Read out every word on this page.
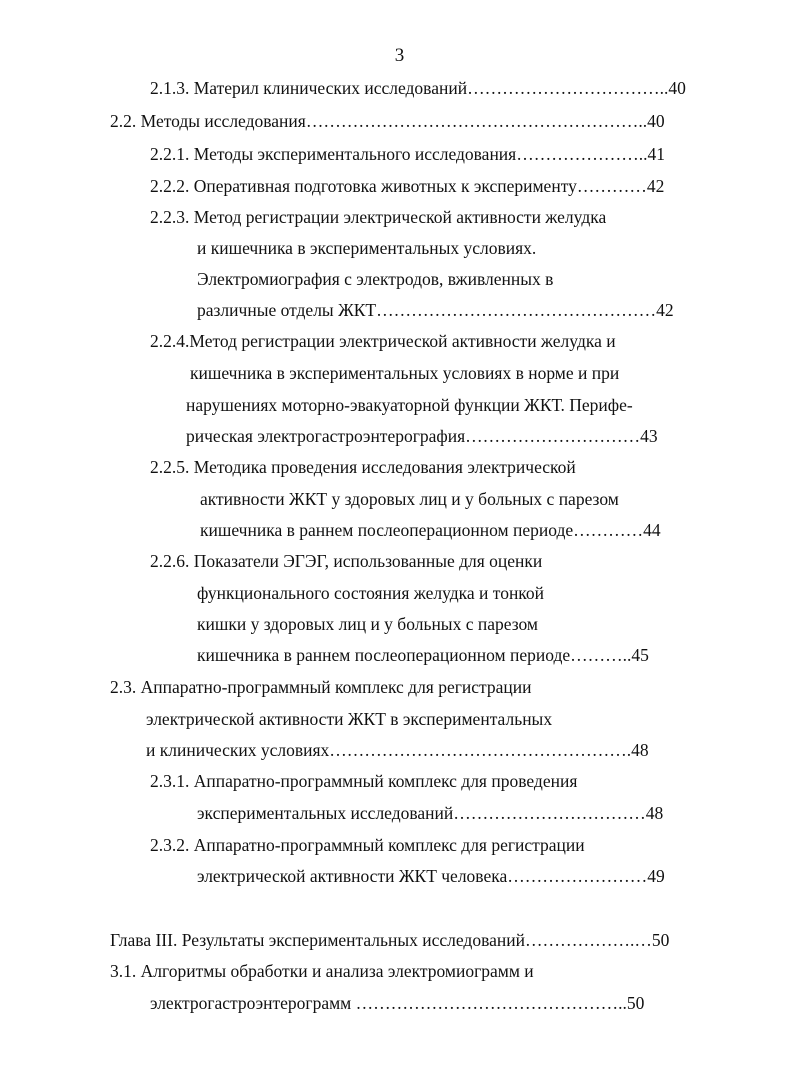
3
2.1.3. Материл клинических исследований……………………………..40
2.2. Методы исследования…………………………………………………..40
2.2.1. Методы экспериментального исследования…………………..41
2.2.2. Оперативная подготовка животных к эксперименту…………42
2.2.3. Метод регистрации электрической активности желудка
и кишечника в экспериментальных условиях.
Электромиография с электродов, вживленных в
различные отделы ЖКТ…………………………………………42
2.2.4.Метод регистрации электрической активности желудка и
кишечника в экспериментальных условиях в норме и при
нарушениях моторно-эвакуаторной функции ЖКТ. Перифе-
рическая электрогастроэнтерография…………………………43
2.2.5. Методика проведения исследования электрической
активности ЖКТ у здоровых лиц и у больных с парезом
кишечника в раннем послеоперационном периоде…………44
2.2.6. Показатели ЭГЭГ, использованные для оценки
функционального состояния желудка и тонкой
кишки у здоровых лиц и у больных с парезом
кишечника в раннем послеоперационном периоде………..45
2.3. Аппаратно-программный комплекс для регистрации
электрической активности ЖКТ в экспериментальных
и клинических условиях…………………………………………….48
2.3.1. Аппаратно-программный комплекс для проведения
экспериментальных исследований……………………………48
2.3.2. Аппаратно-программный комплекс для регистрации
электрической активности ЖКТ человека……………………49
Глава III. Результаты экспериментальных исследований……………….…50
3.1. Алгоритмы обработки и анализа электромиограмм и
электрогастроэнтерограмм ………………………………………..50
